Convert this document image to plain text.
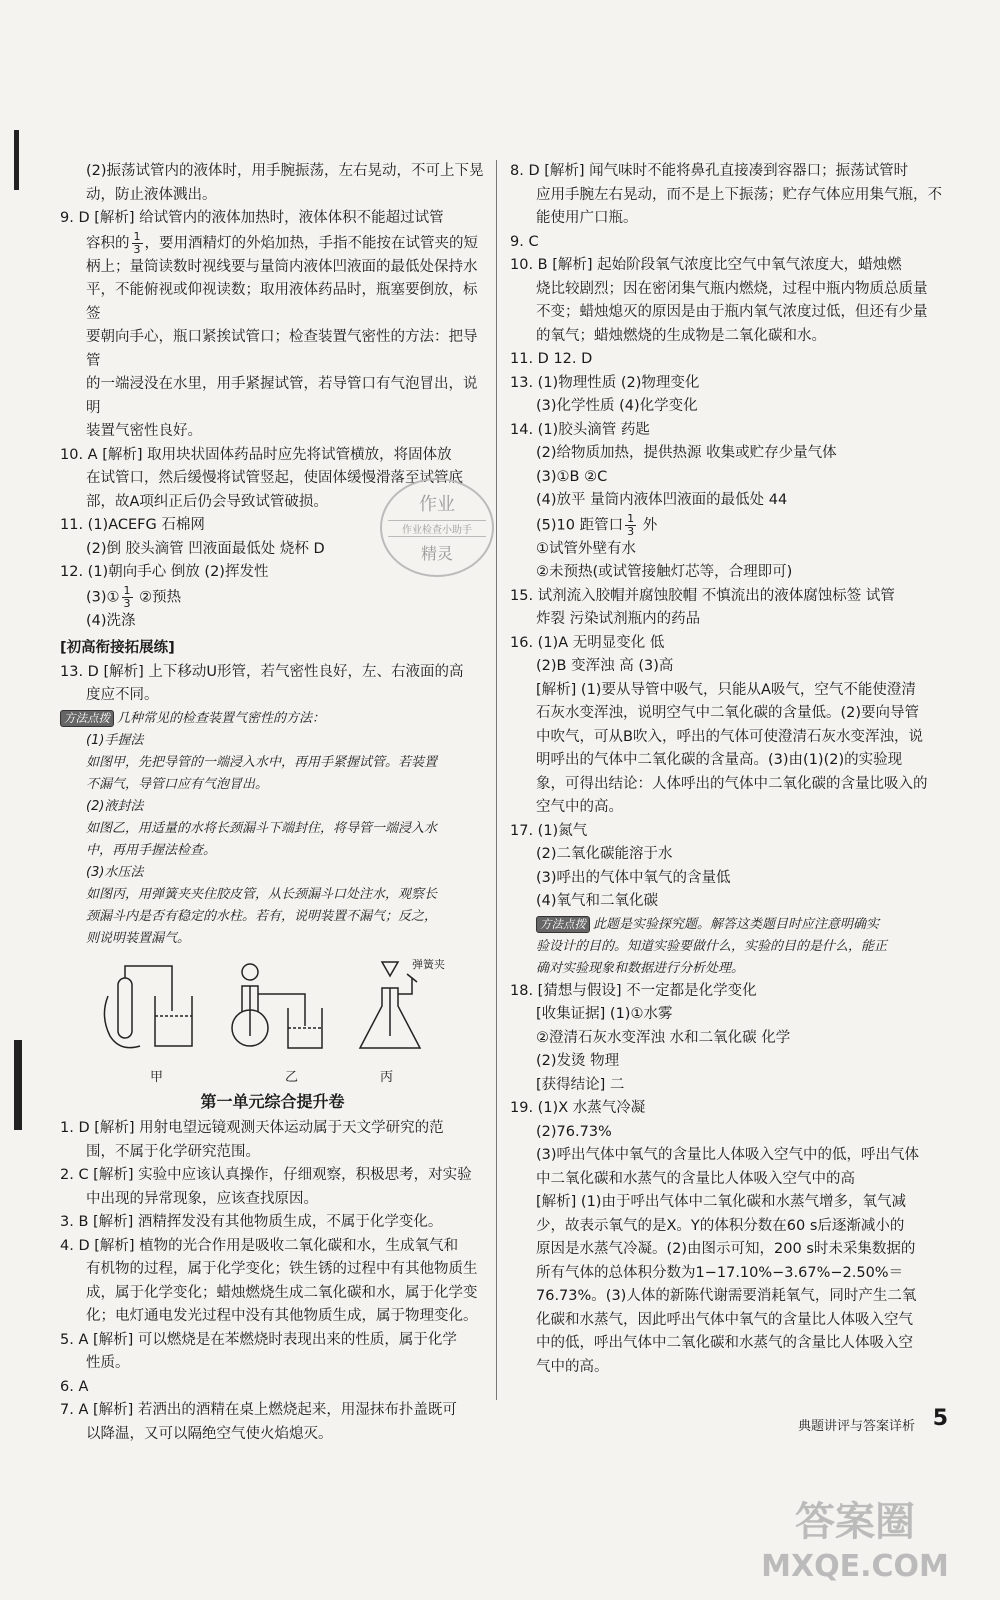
(2)振荡试管内的液体时，用手腕振荡，左右晃动，不可上下晃
动，防止液体溅出。
9. D [解析] 给试管内的液体加热时，液体体积不能超过试管
容积的 $\frac{1}{3}$ ，要用酒精灯的外焰加热，手指不能按在试管夹的短
柄上；量筒读数时视线要与量筒内液体凹液面的最低处保持水
平，不能俯视或仰视读数；取用液体药品时，瓶塞要倒放，标签
要朝向手心，瓶口紧挨试管口；检查装置气密性的方法：把导管
的一端浸没在水里，用手紧握试管，若导管口有气泡冒出，说明
装置气密性良好。
10. A [解析] 取用块状固体药品时应先将试管横放，将固体放
在试管口，然后缓慢将试管竖起，使固体缓慢滑落至试管底
部，故A项纠正后仍会导致试管破损。
11. (1)ACEFG 石棉网
(2)倒 胶头滴管 凹液面最低处 烧杯 D
12. (1)朝向手心 倒放 (2)挥发性
(3)① $\frac{1}{3}$ ②预热
(4)洗涤
[初高衔接拓展练]
13. D [解析] 上下移动U形管，若气密性良好，左、右液面的高
度应不同。
方法点拨 几种常见的检查装置气密性的方法：
(1)手握法
如图甲，先把导管的一端浸入水中，再用手紧握试管。若装置
不漏气，导管口应有气泡冒出。
(2)液封法
如图乙，用适量的水将长颈漏斗下端封住，将导管一端浸入水
中，再用手握法检查。
(3)水压法
如图丙，用弹簧夹夹住胶皮管，从长颈漏斗口处注水，观察长
颈漏斗内是否有稳定的水柱。若有，说明装置不漏气；反之，
则说明装置漏气。
弹簧夹
甲	乙	丙
第一单元综合提升卷
1. D [解析] 用射电望远镜观测天体运动属于天文学研究的范
围，不属于化学研究范围。
2. C [解析] 实验中应该认真操作，仔细观察，积极思考，对实验
中出现的异常现象，应该查找原因。
3. B [解析] 酒精挥发没有其他物质生成，不属于化学变化。
4. D [解析] 植物的光合作用是吸收二氧化碳和水，生成氧气和
有机物的过程，属于化学变化；铁生锈的过程中有其他物质生
成，属于化学变化；蜡烛燃烧生成二氧化碳和水，属于化学变
化；电灯通电发光过程中没有其他物质生成，属于物理变化。
5. A [解析] 可以燃烧是在苯燃烧时表现出来的性质，属于化学
性质。
6. A
7. A [解析] 若洒出的酒精在桌上燃烧起来，用湿抹布扑盖既可
以降温，又可以隔绝空气使火焰熄灭。
8. D [解析] 闻气味时不能将鼻孔直接凑到容器口；振荡试管时
应用手腕左右晃动，而不是上下振荡；贮存气体应用集气瓶，不
能使用广口瓶。
9. C
10. B [解析] 起始阶段氧气浓度比空气中氧气浓度大，蜡烛燃
烧比较剧烈；因在密闭集气瓶内燃烧，过程中瓶内物质总质量
不变；蜡烛熄灭的原因是由于瓶内氧气浓度过低，但还有少量
的氧气；蜡烛燃烧的生成物是二氧化碳和水。
11. D 12. D
13. (1)物理性质 (2)物理变化
(3)化学性质 (4)化学变化
14. (1)胶头滴管 药匙
(2)给物质加热，提供热源 收集或贮存少量气体
(3)①B ②C
(4)放平 量筒内液体凹液面的最低处 44
(5)10 距管口 $\frac{1}{3}$ 外
①试管外壁有水
②未预热(或试管接触灯芯等，合理即可)
15. 试剂流入胶帽并腐蚀胶帽 不慎流出的液体腐蚀标签 试管
炸裂 污染试剂瓶内的药品
16. (1)A 无明显变化 低
(2)B 变浑浊 高 (3)高
[解析] (1)要从导管中吸气，只能从A吸气，空气不能使澄清
石灰水变浑浊，说明空气中二氧化碳的含量低。(2)要向导管
中吹气，可从B吹入，呼出的气体可使澄清石灰水变浑浊，说
明呼出的气体中二氧化碳的含量高。(3)由(1)(2)的实验现
象，可得出结论：人体呼出的气体中二氧化碳的含量比吸入的
空气中的高。
17. (1)氮气
(2)二氧化碳能溶于水
(3)呼出的气体中氧气的含量低
(4)氧气和二氧化碳
方法点拨 此题是实验探究题。解答这类题目时应注意明确实
验设计的目的。知道实验要做什么，实验的目的是什么，能正
确对实验现象和数据进行分析处理。
18. [猜想与假设] 不一定都是化学变化
[收集证据] (1)①水雾
②澄清石灰水变浑浊 水和二氧化碳 化学
(2)发烫 物理
[获得结论] 二
19. (1)X 水蒸气冷凝
(2)76.73%
(3)呼出气体中氧气的含量比人体吸入空气中的低，呼出气体
中二氧化碳和水蒸气的含量比人体吸入空气中的高
[解析] (1)由于呼出气体中二氧化碳和水蒸气增多，氧气减
少，故表示氧气的是X。Y的体积分数在60 s后逐渐减小的
原因是水蒸气冷凝。(2)由图示可知，200 s时未采集数据的
所有气体的总体积分数为1−17.10%−3.67%−2.50%＝
76.73%。(3)人体的新陈代谢需要消耗氧气，同时产生二氧
化碳和水蒸气，因此呼出气体中氧气的含量比人体吸入空气
中的低，呼出气体中二氧化碳和水蒸气的含量比人体吸入空
气中的高。
作业
作业检查小助手
精灵
典题讲评与答案详析 5
答案圈
MXQE.COM
